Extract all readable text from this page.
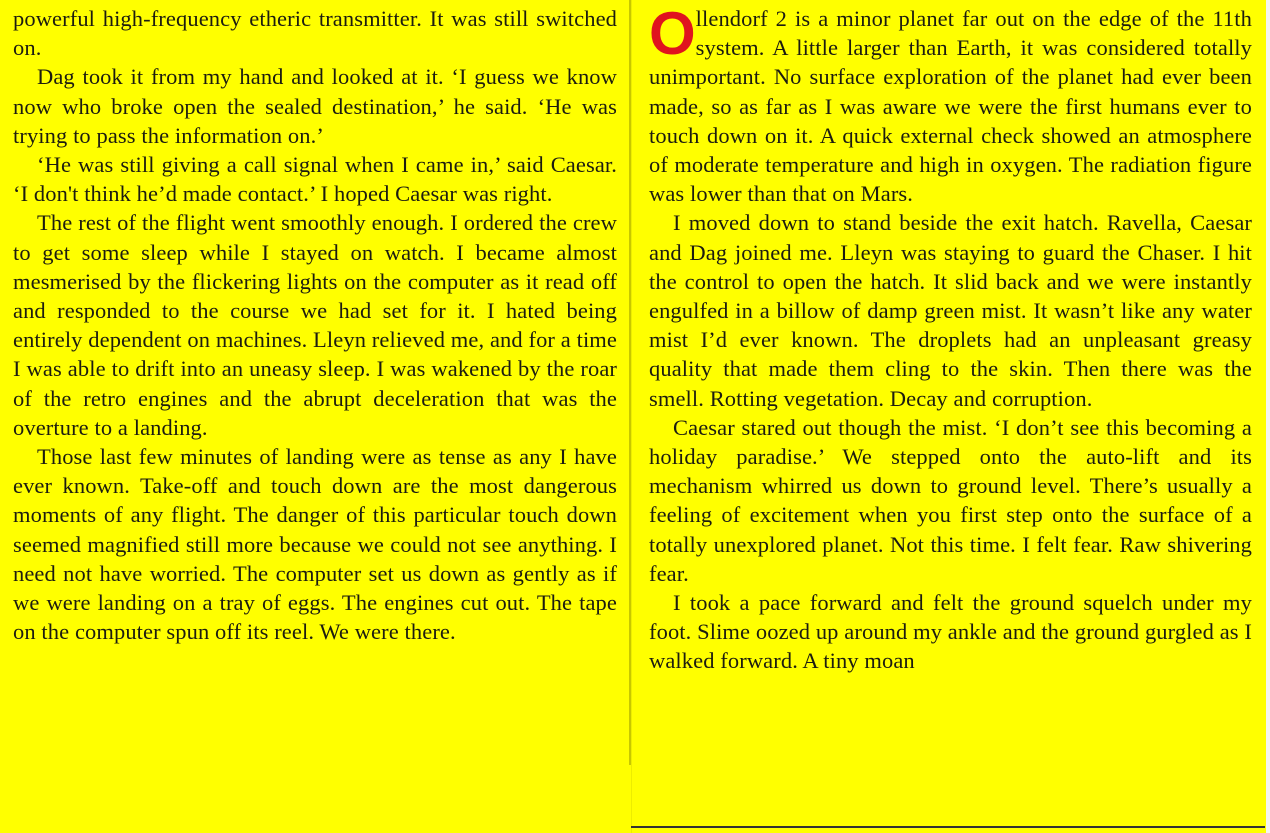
powerful high-frequency etheric transmitter. It was still switched on.

Dag took it from my hand and looked at it. ‘I guess we know now who broke open the sealed destination,’ he said. ‘He was trying to pass the information on.’

‘He was still giving a call signal when I came in,’ said Caesar. ‘I don't think he’d made contact.’ I hoped Caesar was right.

The rest of the flight went smoothly enough. I ordered the crew to get some sleep while I stayed on watch. I became almost mesmerised by the flickering lights on the computer as it read off and responded to the course we had set for it. I hated being entirely dependent on machines. Lleyn relieved me, and for a time I was able to drift into an uneasy sleep. I was wakened by the roar of the retro engines and the abrupt deceleration that was the overture to a landing.

Those last few minutes of landing were as tense as any I have ever known. Take-off and touch down are the most dangerous moments of any flight. The danger of this particular touch down seemed magnified still more because we could not see anything. I need not have worried. The computer set us down as gently as if we were landing on a tray of eggs. The engines cut out. The tape on the computer spun off its reel. We were there.

Ollendorf 2 is a minor planet far out on the edge of the 11th system. A little larger than Earth, it was considered totally unimportant. No surface exploration of the planet had ever been made, so as far as I was aware we were the first humans ever to touch down on it. A quick external check showed an atmosphere of moderate temperature and high in oxygen. The radiation figure was lower than that on Mars.

I moved down to stand beside the exit hatch. Ravella, Caesar and Dag joined me. Lleyn was staying to guard the Chaser. I hit the control to open the hatch. It slid back and we were instantly engulfed in a billow of damp green mist. It wasn’t like any water mist I’d ever known. The droplets had an unpleasant greasy quality that made them cling to the skin. Then there was the smell. Rotting vegetation. Decay and corruption.

Caesar stared out though the mist. ‘I don’t see this becoming a holiday paradise.’ We stepped onto the auto-lift and its mechanism whirred us down to ground level. There’s usually a feeling of excitement when you first step onto the surface of a totally unexplored planet. Not this time. I felt fear. Raw shivering fear.

I took a pace forward and felt the ground squelch under my foot. Slime oozed up around my ankle and the ground gurgled as I walked forward. A tiny moan
